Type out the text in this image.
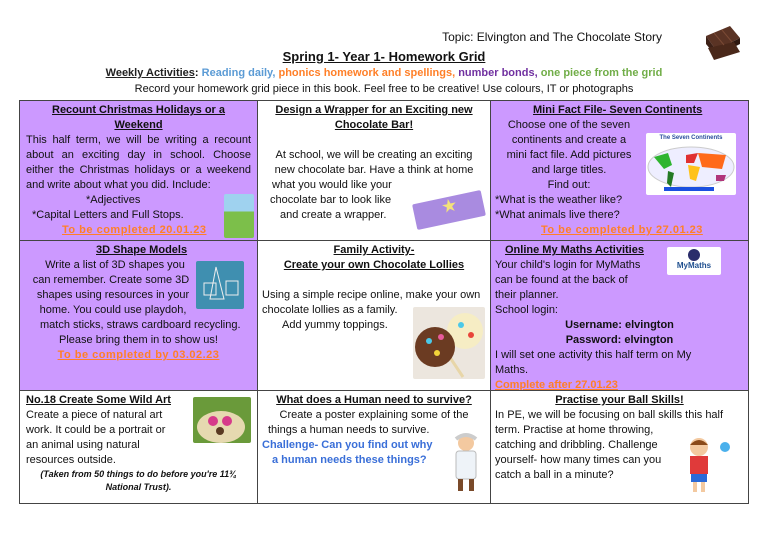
Topic: Elvington and The Chocolate Story
Spring 1- Year 1- Homework Grid
Weekly Activities: Reading daily, phonics homework and spellings, number bonds, one piece from the grid
Record your homework grid piece in this book. Feel free to be creative! Use colours, IT or photographs
Recount Christmas Holidays or a
Weekend
This half term, we will be writing a recount
about an exciting day in school. Choose
either the Christmas holidays or a weekend
and write about what you did. Include:
*Adjectives
*Capital Letters and Full Stops.
To be completed 20.01.23
Design a Wrapper for an Exciting new
Chocolate Bar!
At school, we will be creating an exciting
new chocolate bar. Have a think at home
what you would like your
chocolate bar to look like
and create a wrapper.	★
Mini Fact File- Seven Continents
Choose one of the seven
continents and create a
mini fact file. Add pictures
and large titles.
Find out:
*What is the weather like?
*What animals live there?
To be completed by 27.01.23
The Seven Continents
3D Shape Models
Write a list of 3D shapes you
can remember. Create some 3D
shapes using resources in your
home. You could use playdoh,
match sticks, straws cardboard recycling.
Please bring them in to show us!
To be completed by 03.02.23
Family Activity-
Create your own Chocolate Lollies
Using a simple recipe online, make your own
chocolate lollies as a family.
Add yummy toppings.
Online My Maths Activities
Your child's login for MyMaths
can be found at the back of
their planner.
School login:
Username: elvington
Password: elvington
I will set one activity this half term on My
Maths.
Complete after 27.01.23
MyMaths
No.18 Create Some Wild Art
Create a piece of natural art
work. It could be a portrait or
an animal using natural
resources outside.
(Taken from 50 things to do before you're 11¾
National Trust).
What does a Human need to survive?
Create a poster explaining some of the
things a human needs to survive.
Challenge- Can you find out why
a human needs these things?
Practise your Ball Skills!
In PE, we will be focusing on ball skills this half
term. Practise at home throwing,
catching and dribbling. Challenge
yourself- how many times can you
catch a ball in a minute?
